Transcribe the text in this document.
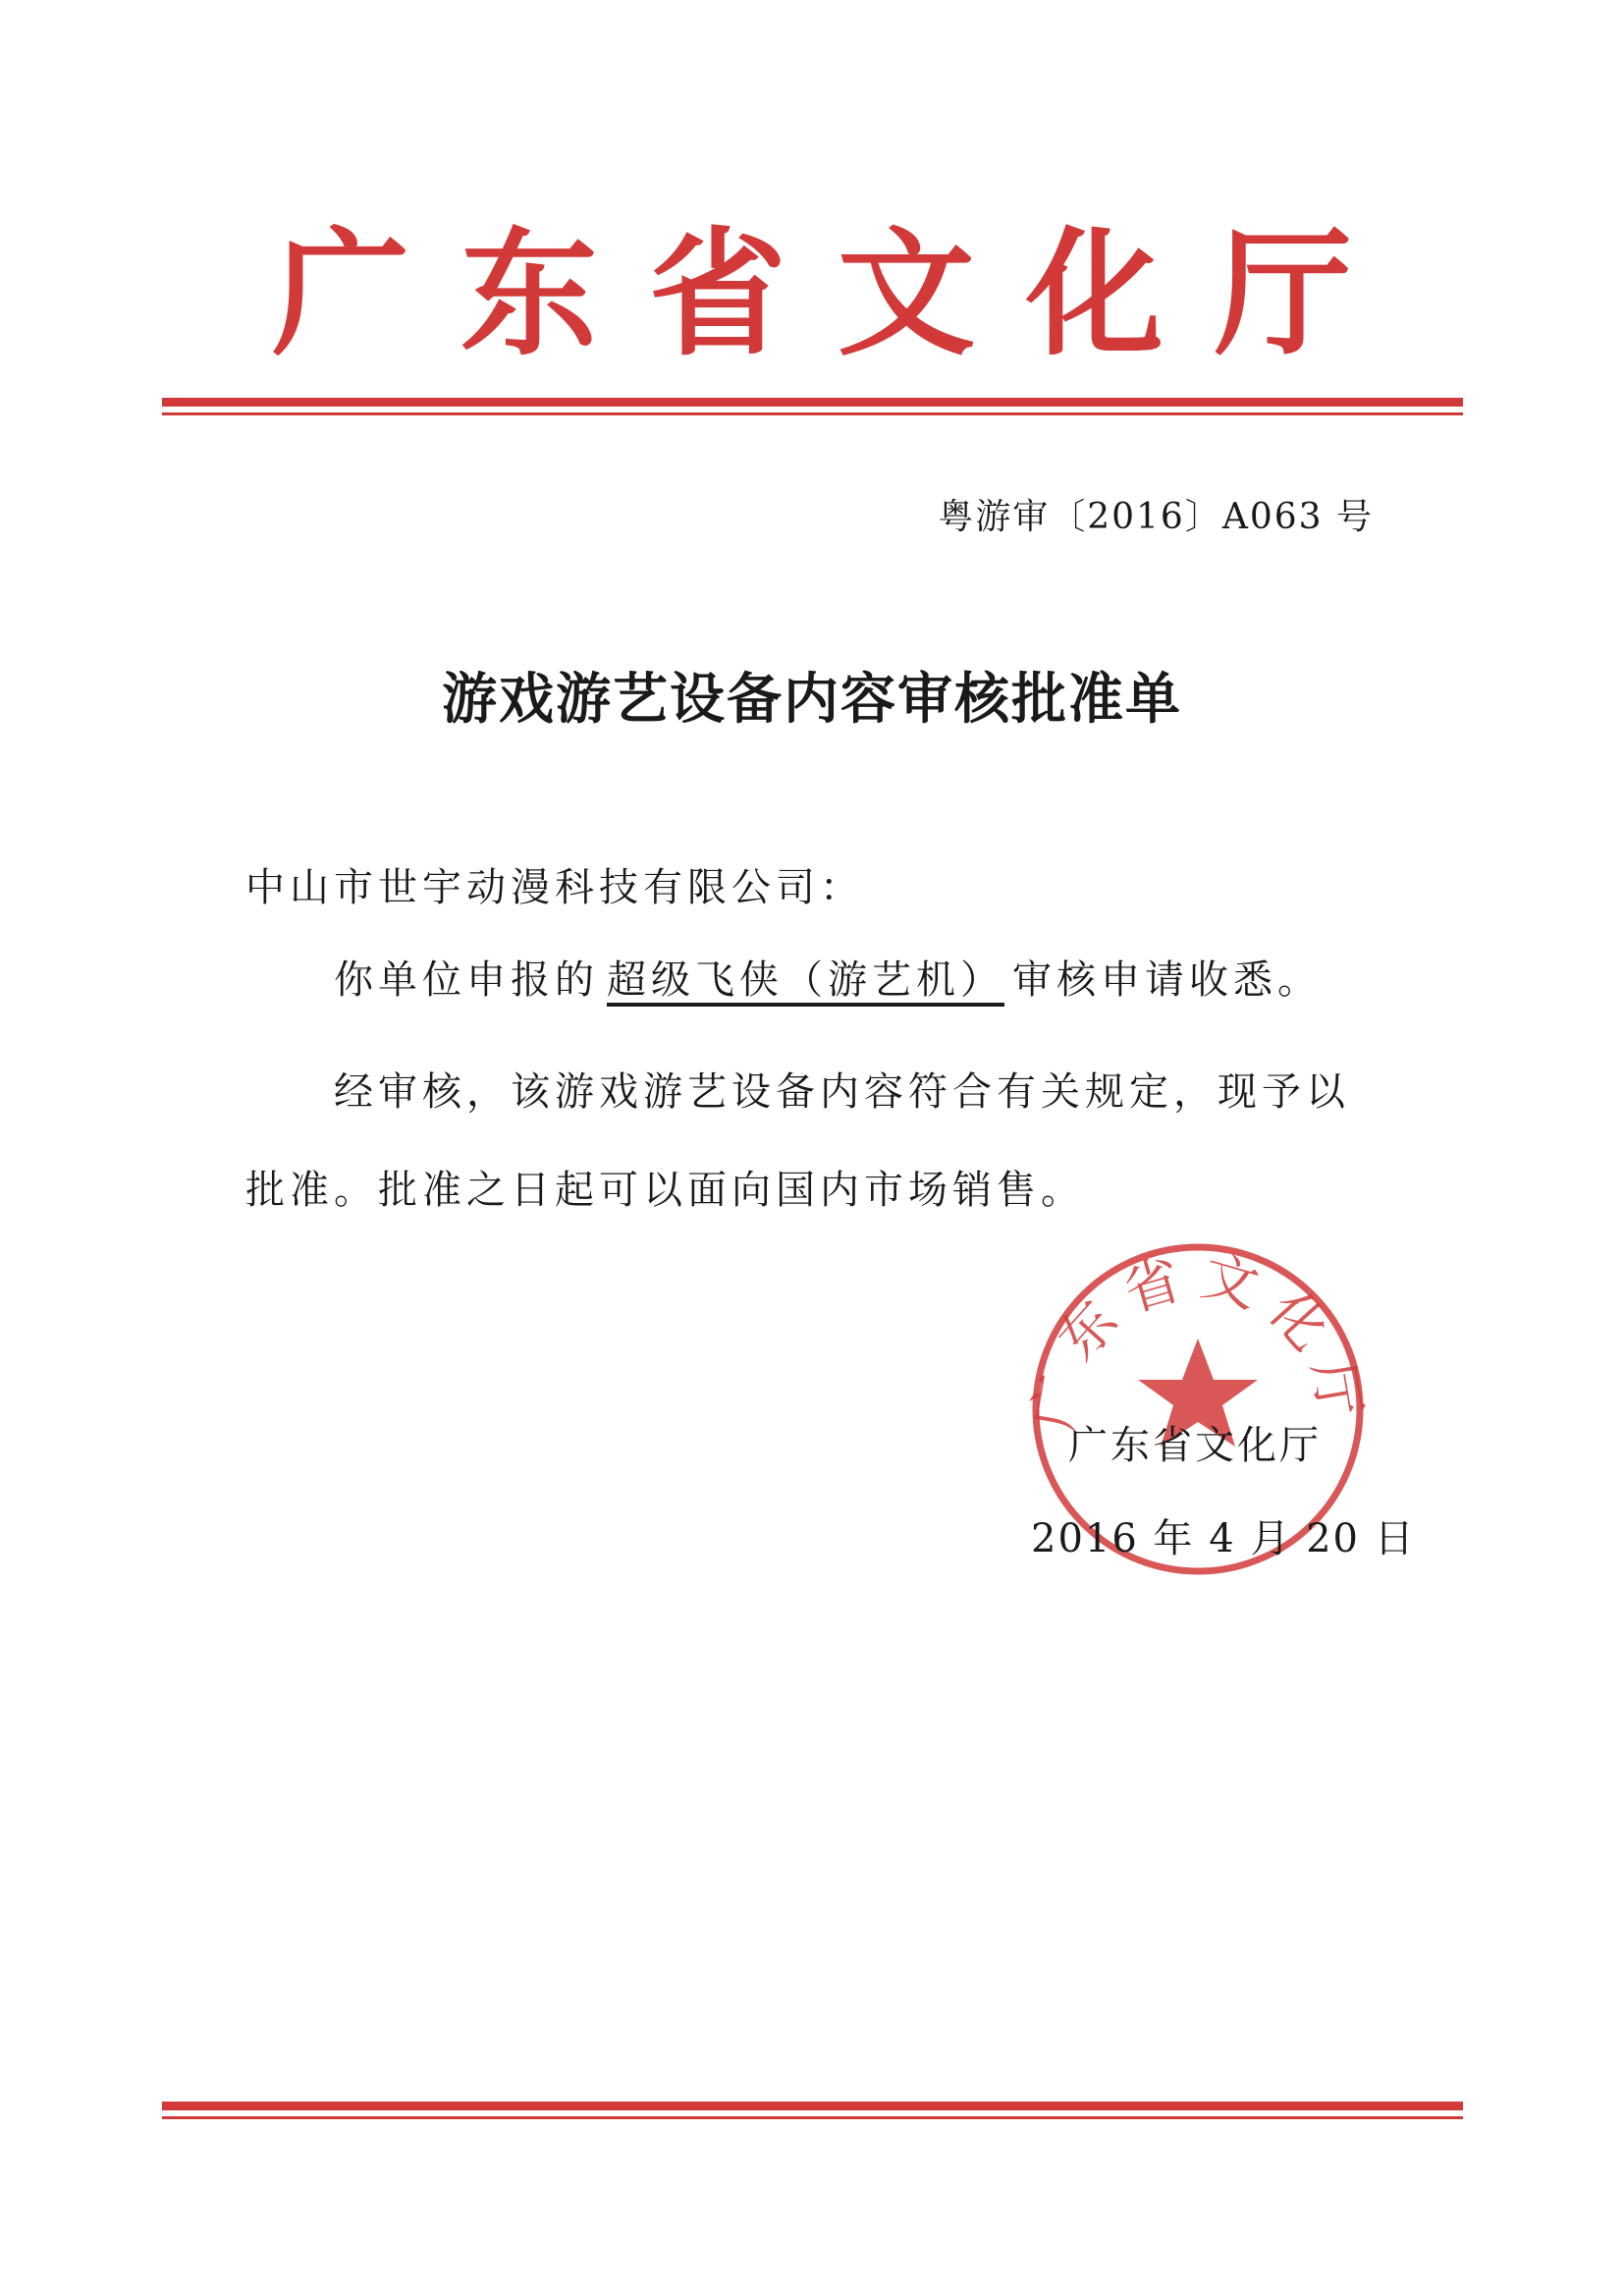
广东省文化厅
粤游审〔2016〕A063 号
游戏游艺设备内容审核批准单
中山市世宇动漫科技有限公司：
你单位申报的 超级飞侠（游艺机） 审核申请收悉。
经审核，该游戏游艺设备内容符合有关规定，现予以批准。批准之日起可以面向国内市场销售。
广东省文化厅
广东省文化厅
2016 年 4 月 20 日
